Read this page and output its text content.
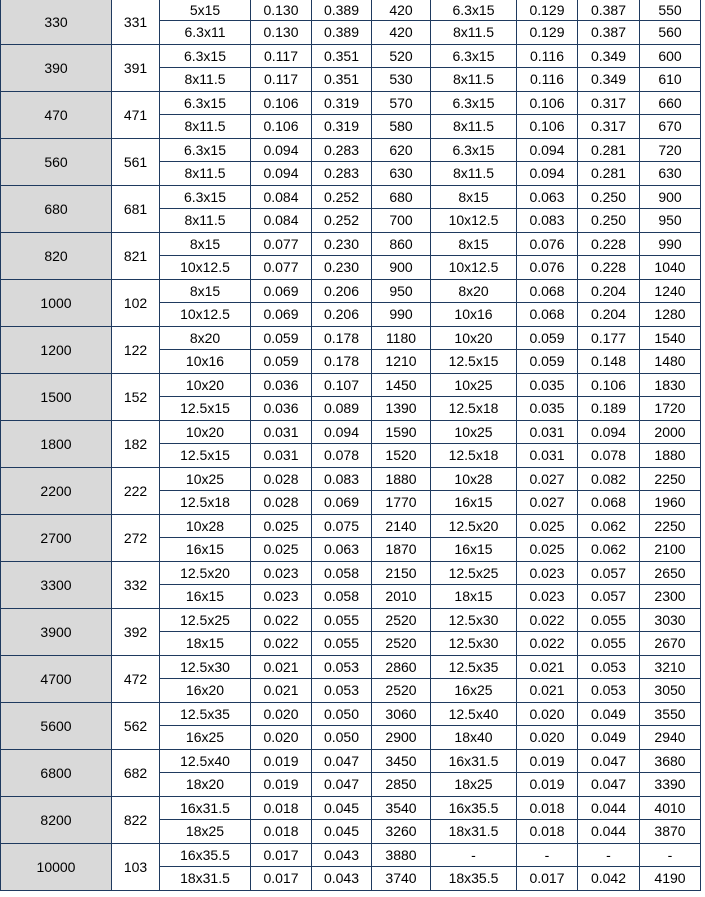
330	331	5x15	0.130	0.389	420	6.3x15	0.129	0.387	550
		6.3x11	0.130	0.389	420	8x11.5	0.129	0.387	560
390	391	6.3x15	0.117	0.351	520	6.3x15	0.116	0.349	600
		8x11.5	0.117	0.351	530	8x11.5	0.116	0.349	610
470	471	6.3x15	0.106	0.319	570	6.3x15	0.106	0.317	660
		8x11.5	0.106	0.319	580	8x11.5	0.106	0.317	670
560	561	6.3x15	0.094	0.283	620	6.3x15	0.094	0.281	720
		8x11.5	0.094	0.283	630	8x11.5	0.094	0.281	630
680	681	6.3x15	0.084	0.252	680	8x15	0.063	0.250	900
		8x11.5	0.084	0.252	700	10x12.5	0.083	0.250	950
820	821	8x15	0.077	0.230	860	8x15	0.076	0.228	990
		10x12.5	0.077	0.230	900	10x12.5	0.076	0.228	1040
1000	102	8x15	0.069	0.206	950	8x20	0.068	0.204	1240
		10x12.5	0.069	0.206	990	10x16	0.068	0.204	1280
1200	122	8x20	0.059	0.178	1180	10x20	0.059	0.177	1540
		10x16	0.059	0.178	1210	12.5x15	0.059	0.148	1480
1500	152	10x20	0.036	0.107	1450	10x25	0.035	0.106	1830
		12.5x15	0.036	0.089	1390	12.5x18	0.035	0.189	1720
1800	182	10x20	0.031	0.094	1590	10x25	0.031	0.094	2000
		12.5x15	0.031	0.078	1520	12.5x18	0.031	0.078	1880
2200	222	10x25	0.028	0.083	1880	10x28	0.027	0.082	2250
		12.5x18	0.028	0.069	1770	16x15	0.027	0.068	1960
2700	272	10x28	0.025	0.075	2140	12.5x20	0.025	0.062	2250
		16x15	0.025	0.063	1870	16x15	0.025	0.062	2100
3300	332	12.5x20	0.023	0.058	2150	12.5x25	0.023	0.057	2650
		16x15	0.023	0.058	2010	18x15	0.023	0.057	2300
3900	392	12.5x25	0.022	0.055	2520	12.5x30	0.022	0.055	3030
		18x15	0.022	0.055	2520	12.5x30	0.022	0.055	2670
4700	472	12.5x30	0.021	0.053	2860	12.5x35	0.021	0.053	3210
		16x20	0.021	0.053	2520	16x25	0.021	0.053	3050
5600	562	12.5x35	0.020	0.050	3060	12.5x40	0.020	0.049	3550
		16x25	0.020	0.050	2900	18x40	0.020	0.049	2940
6800	682	12.5x40	0.019	0.047	3450	16x31.5	0.019	0.047	3680
		18x20	0.019	0.047	2850	18x25	0.019	0.047	3390
8200	822	16x31.5	0.018	0.045	3540	16x35.5	0.018	0.044	4010
		18x25	0.018	0.045	3260	18x31.5	0.018	0.044	3870
10000	103	16x35.5	0.017	0.043	3880	-	-	-	-
		18x31.5	0.017	0.043	3740	18x35.5	0.017	0.042	4190
